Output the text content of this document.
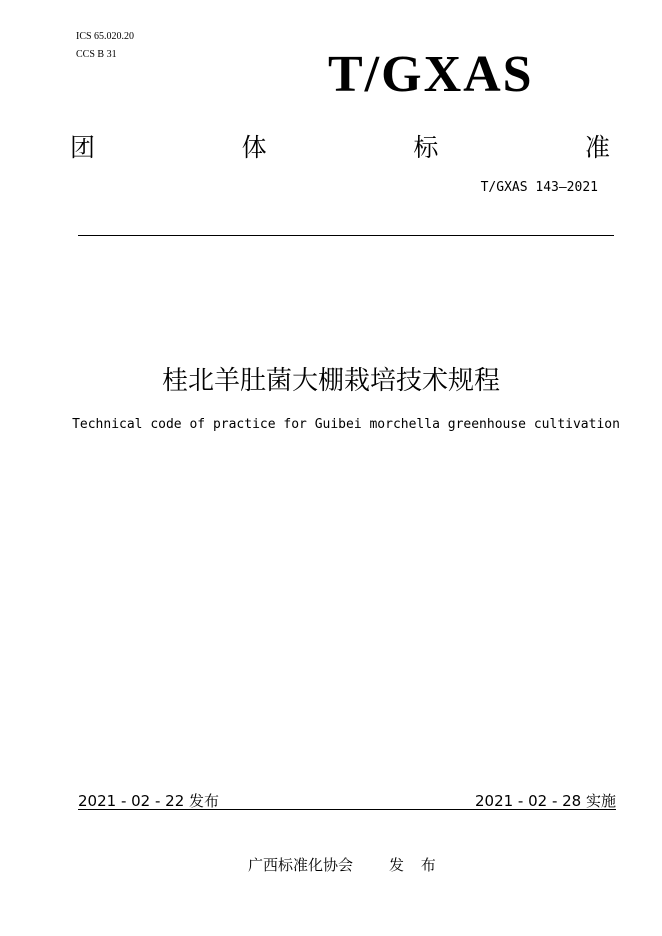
ICS 65.020.20
CCS B 31	T/GXAS
团	体	标	准
T/GXAS 143—2021
桂北羊肚菌大棚栽培技术规程
Technical code of practice for Guibei morchella greenhouse cultivation
2021 - 02 - 22 发布	2021 - 02 - 28 实施
广西标准化协会 发 布
